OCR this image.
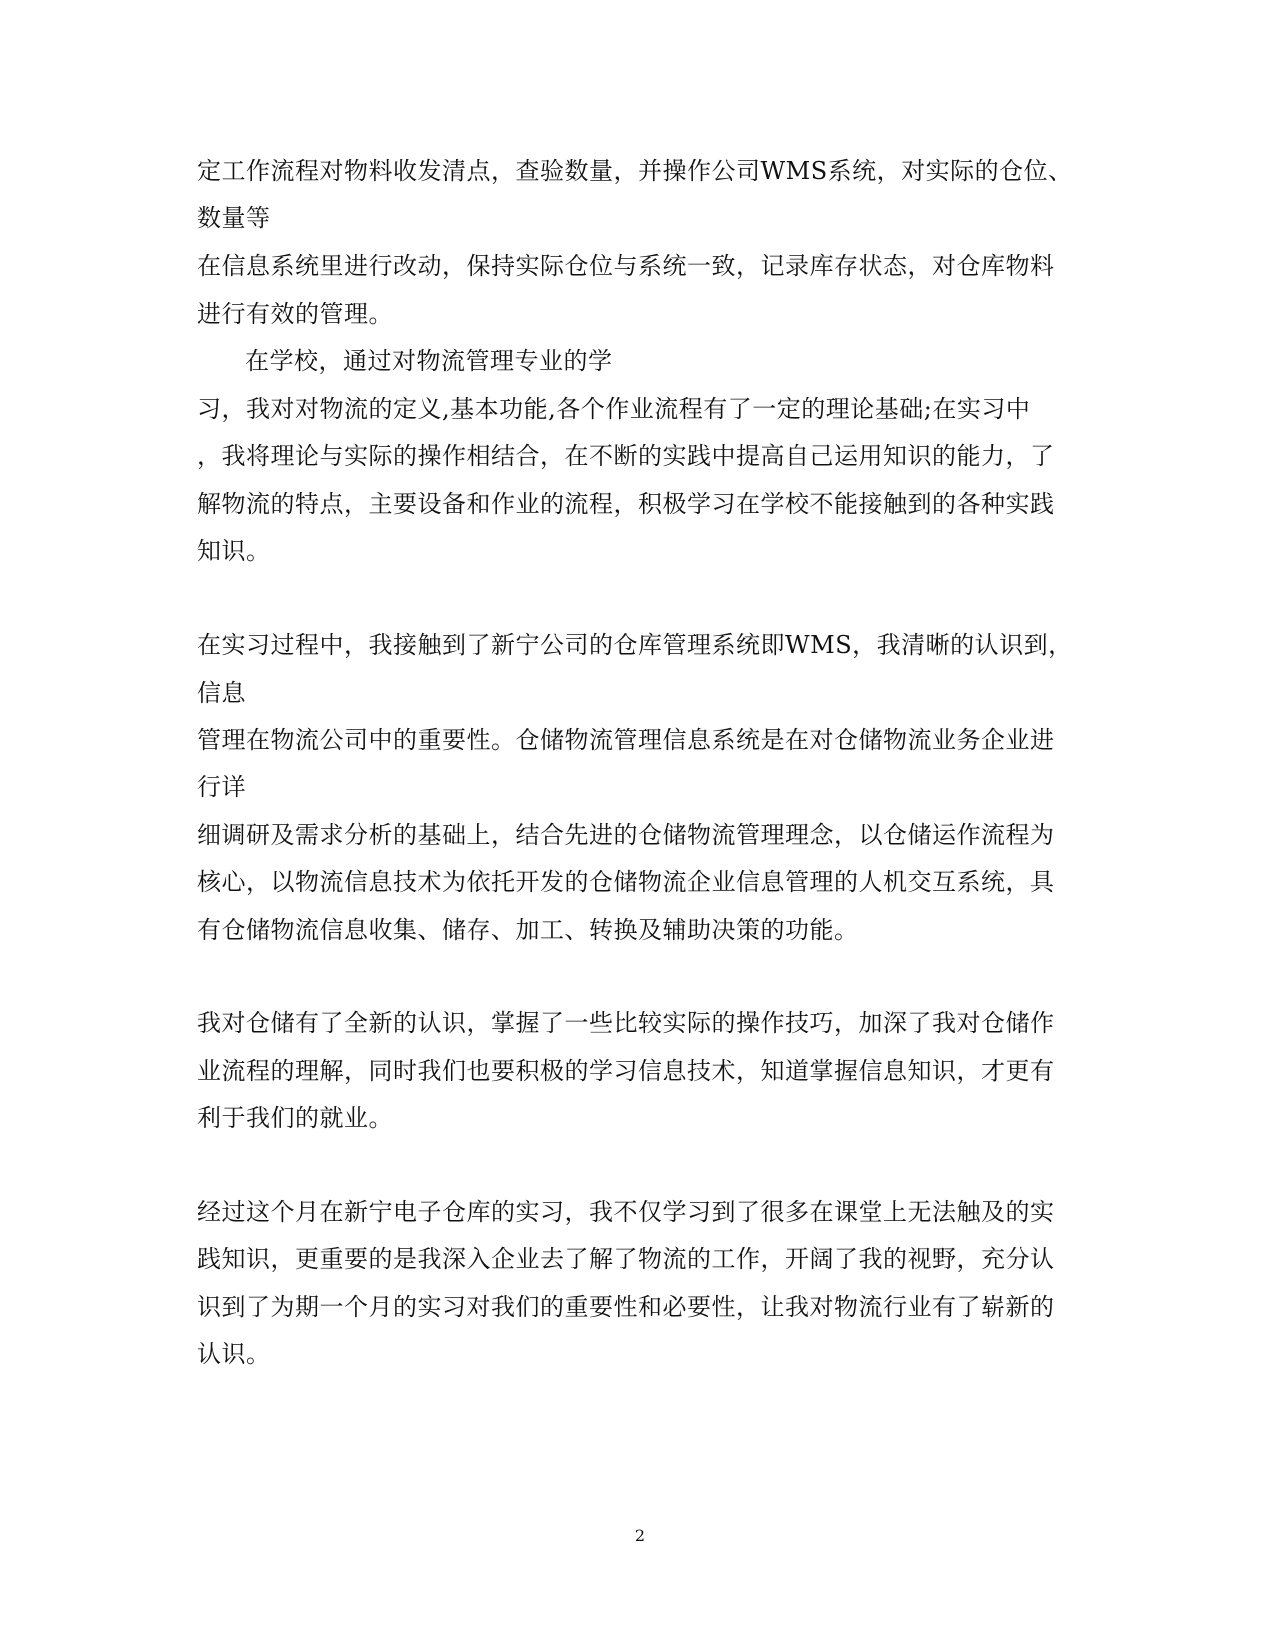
定工作流程对物料收发清点，查验数量，并操作公司WMS系统，对实际的仓位、
数量等
在信息系统里进行改动，保持实际仓位与系统一致，记录库存状态，对仓库物料
进行有效的管理。
在学校，通过对物流管理专业的学
习，我对对物流的定义,基本功能,各个作业流程有了一定的理论基础;在实习中
，我将理论与实际的操作相结合，在不断的实践中提高自己运用知识的能力，了
解物流的特点，主要设备和作业的流程，积极学习在学校不能接触到的各种实践
知识。
在实习过程中，我接触到了新宁公司的仓库管理系统即WMS，我清晰的认识到，
信息
管理在物流公司中的重要性。仓储物流管理信息系统是在对仓储物流业务企业进
行详
细调研及需求分析的基础上，结合先进的仓储物流管理理念，以仓储运作流程为
核心，以物流信息技术为依托开发的仓储物流企业信息管理的人机交互系统，具
有仓储物流信息收集、储存、加工、转换及辅助决策的功能。
我对仓储有了全新的认识，掌握了一些比较实际的操作技巧，加深了我对仓储作
业流程的理解，同时我们也要积极的学习信息技术，知道掌握信息知识，才更有
利于我们的就业。
经过这个月在新宁电子仓库的实习，我不仅学习到了很多在课堂上无法触及的实
践知识，更重要的是我深入企业去了解了物流的工作，开阔了我的视野，充分认
识到了为期一个月的实习对我们的重要性和必要性，让我对物流行业有了崭新的
认识。
2
